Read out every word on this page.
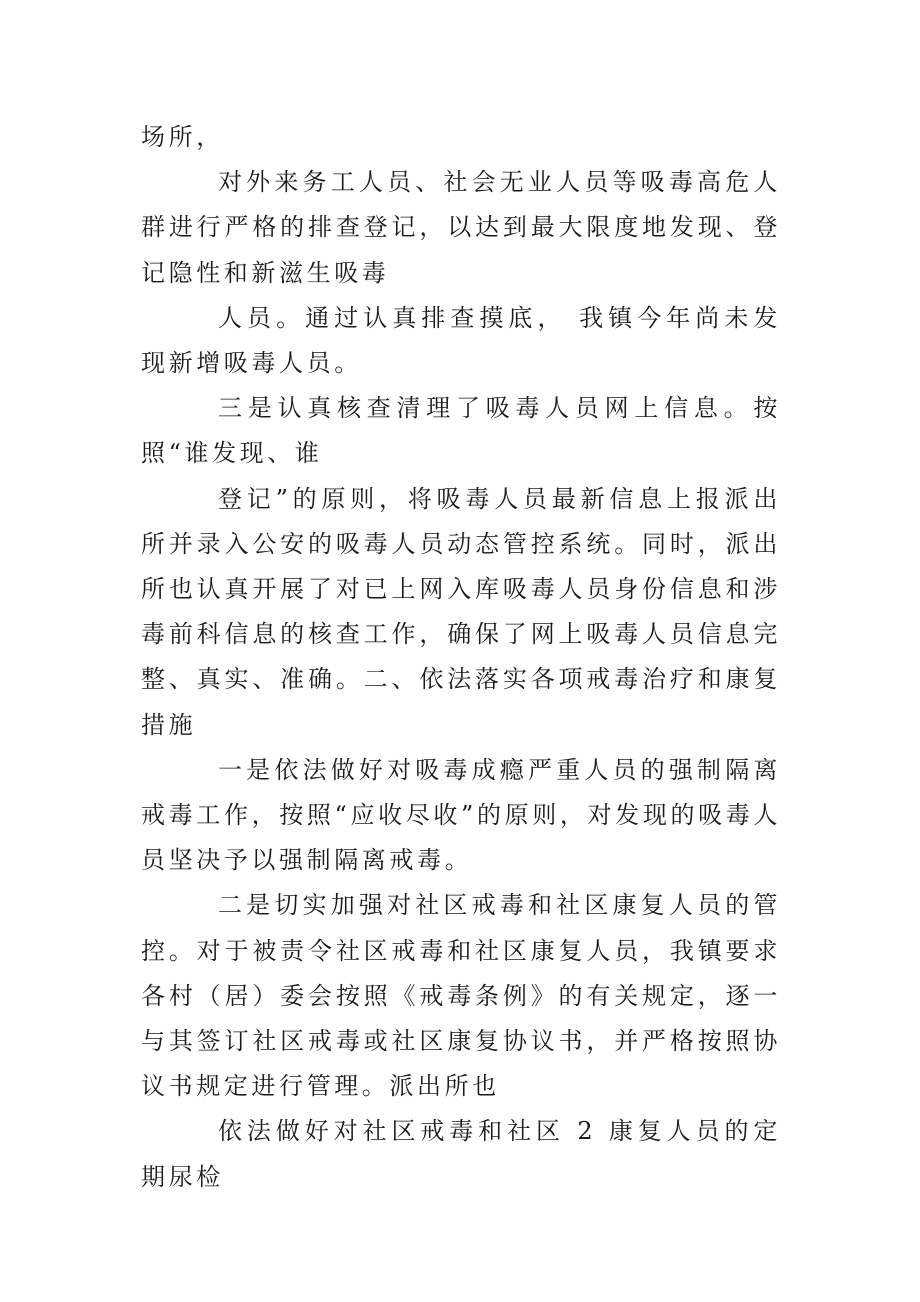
场所，

对外来务工人员、社会无业人员等吸毒高危人群进行严格的排查登记，以达到最大限度地发现、登记隐性和新滋生吸毒

人员。通过认真排查摸底， 我镇今年尚未发现新增吸毒人员。

三是认真核查清理了吸毒人员网上信息。按照“谁发现、谁

登记”的原则，将吸毒人员最新信息上报派出所并录入公安的吸毒人员动态管控系统。同时，派出所也认真开展了对已上网入库吸毒人员身份信息和涉毒前科信息的核查工作，确保了网上吸毒人员信息完整、真实、准确。二、依法落实各项戒毒治疗和康复措施

一是依法做好对吸毒成瘾严重人员的强制隔离戒毒工作，按照“应收尽收”的原则，对发现的吸毒人员坚决予以强制隔离戒毒。

二是切实加强对社区戒毒和社区康复人员的管控。对于被责令社区戒毒和社区康复人员，我镇要求各村（居）委会按照《戒毒条例》的有关规定，逐一与其签订社区戒毒或社区康复协议书，并严格按照协议书规定进行管理。派出所也

依法做好对社区戒毒和社区 2 康复人员的定期尿检
